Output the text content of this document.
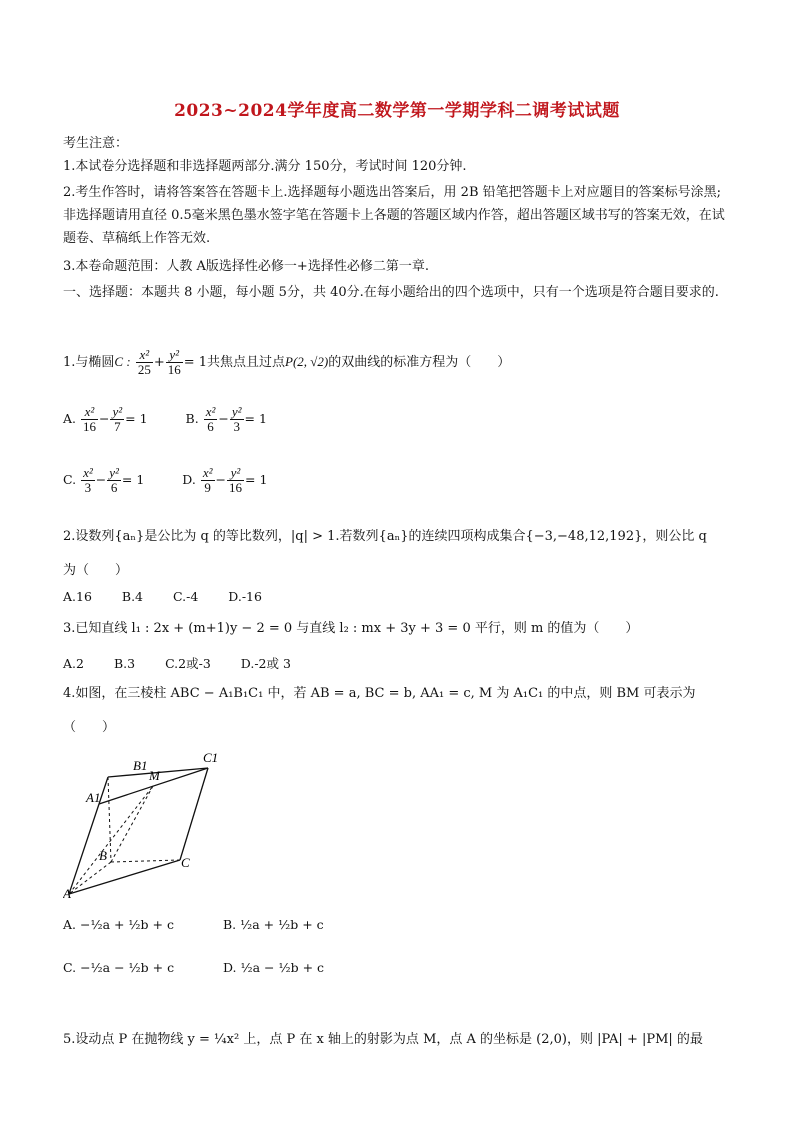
2023~2024学年度高二数学第一学期学科二调考试试题
考生注意：
1.本试卷分选择题和非选择题两部分.满分 150分，考试时间 120分钟.
2.考生作答时，请将答案答在答题卡上.选择题每小题选出答案后，用 2B 铅笔把答题卡上对应题目的答案标号涂黑;非选择题请用直径 0.5毫米黑色墨水签字笔在答题卡上各题的答题区域内作答，超出答题区域书写的答案无效，在试题卷、草稿纸上作答无效.
3.本卷命题范围：人教 A版选择性必修一+选择性必修二第一章.
一、选择题：本题共 8 小题，每小题 5分，共 40分.在每小题给出的四个选项中，只有一个选项是符合题目要求的.
1.与椭圆C : $\frac{\text{x²}}{25} + \frac{\text{y²}}{16} = 1$共焦点且过点P(2, √2)的双曲线的标准方程为（　　）
A. $\frac{\text{x²}}{16} - \frac{\text{y²}}{7} = 1$	B. $\frac{\text{x²}}{6} - \frac{\text{y²}}{3} = 1$
C. $\frac{\text{x²}}{3} - \frac{\text{y²}}{6} = 1$	D. $\frac{\text{x²}}{9} - \frac{\text{y²}}{16} = 1$
2.设数列{aₙ}是公比为 q 的等比数列，|q| > 1.若数列{aₙ}的连续四项构成集合{−3,−48,12,192}，则公比 q
为（　　）
A.16 B.4 C.-4 D.-16
3.已知直线 l₁ : 2x + (m+1)y − 2 = 0 与直线 l₂ : mx + 3y + 3 = 0 平行，则 m 的值为（　　）
A.2 B.3 C.2或-3 D.-2或 3
4.如图，在三棱柱 ABC − A₁B₁C₁ 中，若 AB = a, BC = b, AA₁ = c, M 为 A₁C₁ 的中点，则 BM 可表示为
（　　）
B1
C1
M
A1
B	C
A
A. −½a + ½b + c	B. ½a + ½b + c
C. −½a − ½b + c	D. ½a − ½b + c
5.设动点 P 在抛物线 y = ¼x² 上，点 P 在 x 轴上的射影为点 M，点 A 的坐标是 (2,0)，则 |PA| + |PM| 的最
